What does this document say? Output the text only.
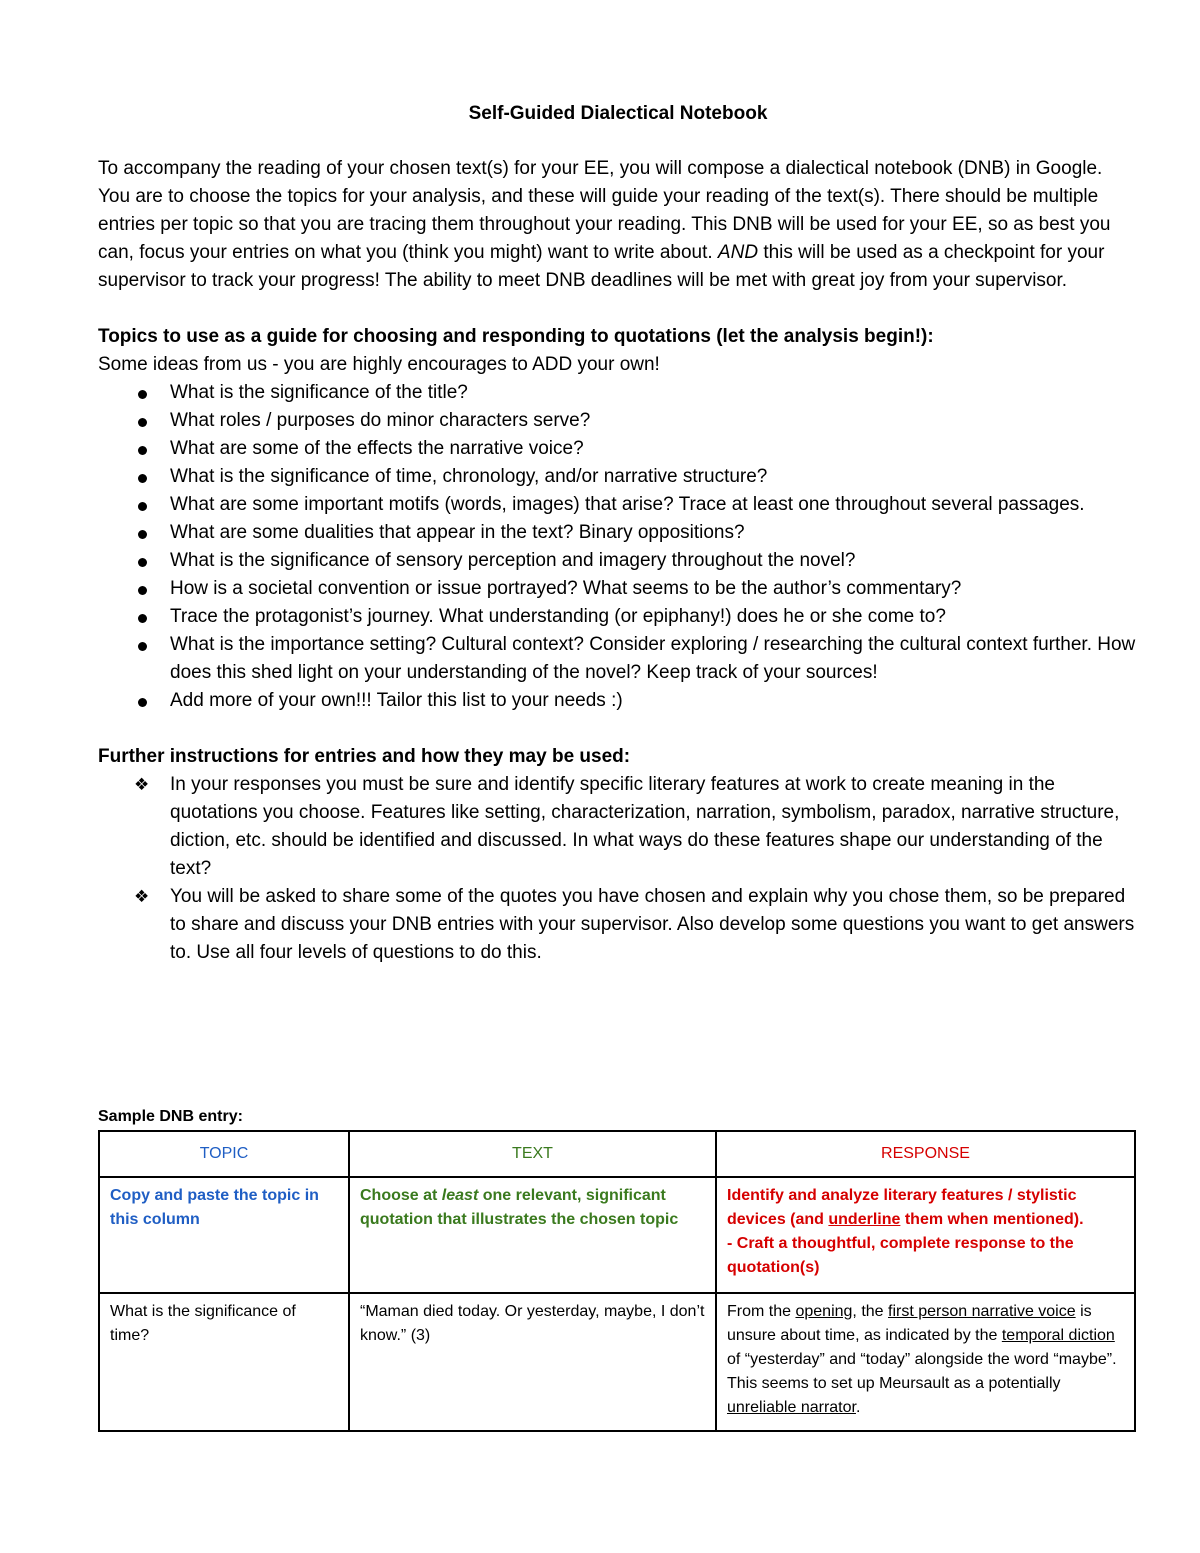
Self-Guided Dialectical Notebook

To accompany the reading of your chosen text(s) for your EE, you will compose a dialectical notebook (DNB) in Google. You are to choose the topics for your analysis, and these will guide your reading of the text(s). There should be multiple entries per topic so that you are tracing them throughout your reading. This DNB will be used for your EE, so as best you can, focus your entries on what you (think you might) want to write about. AND this will be used as a checkpoint for your supervisor to track your progress! The ability to meet DNB deadlines will be met with great joy from your supervisor.

Topics to use as a guide for choosing and responding to quotations (let the analysis begin!):

Some ideas from us - you are highly encourages to ADD your own!

What is the significance of the title?
What roles / purposes do minor characters serve?
What are some of the effects the narrative voice?
What is the significance of time, chronology, and/or narrative structure?
What are some important motifs (words, images) that arise? Trace at least one throughout several passages.
What are some dualities that appear in the text? Binary oppositions?
What is the significance of sensory perception and imagery throughout the novel?
How is a societal convention or issue portrayed? What seems to be the author’s commentary?
Trace the protagonist’s journey. What understanding (or epiphany!) does he or she come to?
What is the importance setting? Cultural context? Consider exploring / researching the cultural context further. How does this shed light on your understanding of the novel? Keep track of your sources!
Add more of your own!!! Tailor this list to your needs :)

Further instructions for entries and how they may be used:

❖ In your responses you must be sure and identify specific literary features at work to create meaning in the quotations you choose. Features like setting, characterization, narration, symbolism, paradox, narrative structure, diction, etc. should be identified and discussed. In what ways do these features shape our understanding of the text?
❖ You will be asked to share some of the quotes you have chosen and explain why you chose them, so be prepared to share and discuss your DNB entries with your supervisor. Also develop some questions you want to get answers to. Use all four levels of questions to do this.
Sample DNB entry:
TOPIC	TEXT	RESPONSE
Copy and paste the topic in this column	Choose at least one relevant, significant quotation that illustrates the chosen topic	Identify and analyze literary features / stylistic devices (and underline them when mentioned).
- Craft a thoughtful, complete response to the quotation(s)
What is the significance of time?	“Maman died today. Or yesterday, maybe, I don’t know.” (3)	From the opening, the first person narrative voice is unsure about time, as indicated by the temporal diction of “yesterday” and “today” alongside the word “maybe”. This seems to set up Meursault as a potentially unreliable narrator.
